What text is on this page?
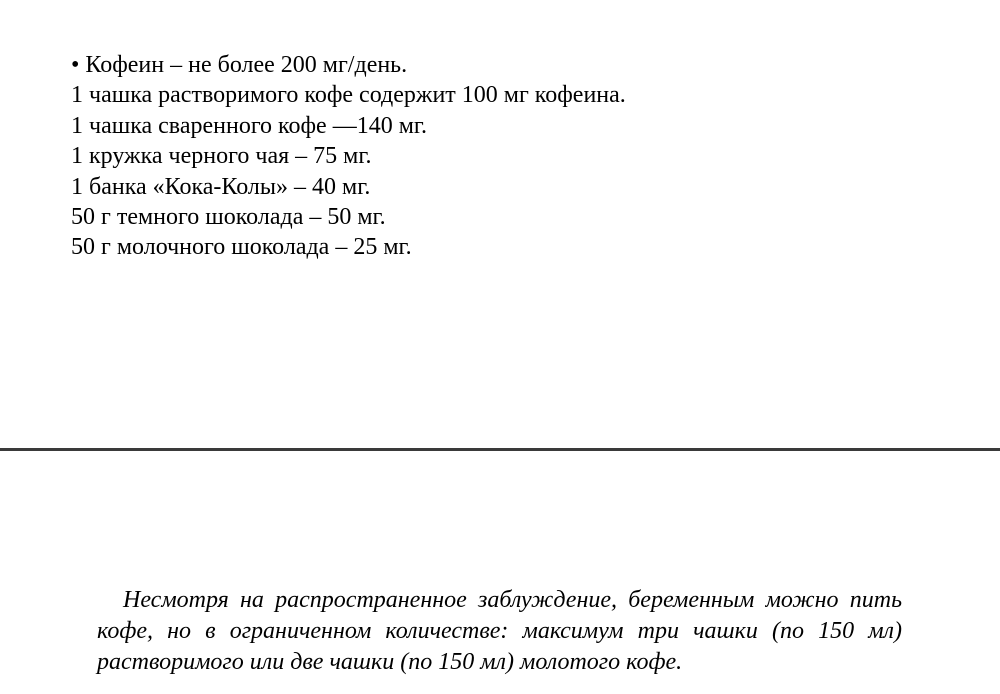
• Кофеин – не более 200 мг/день.
1 чашка растворимого кофе содержит 100 мг кофеина.
1 чашка сваренного кофе —140 мг.
1 кружка черного чая – 75 мг.
1 банка «Кока-Колы» – 40 мг.
50 г темного шоколада – 50 мг.
50 г молочного шоколада – 25 мг.

Несмотря на распространенное заблуждение, беременным можно пить кофе, но в ограниченном количестве: максимум три чашки (по 150 мл) растворимого или две чашки (по 150 мл) молотого кофе.
